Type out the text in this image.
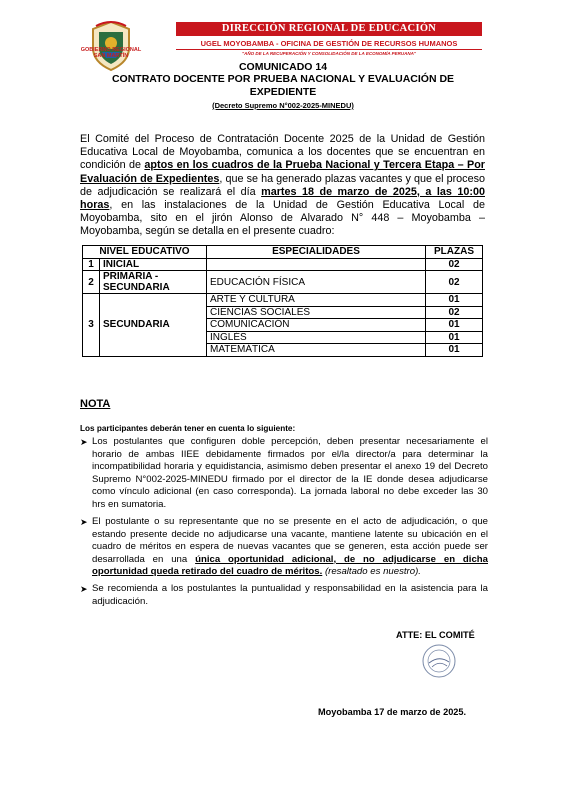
GOBIERNO REGIONAL SAN MARTÍN
DIRECCIÓN REGIONAL DE EDUCACIÓN
UGEL MOYOBAMBA - OFICINA DE GESTIÓN DE RECURSOS HUMANOS
"AÑO DE LA RECUPERACIÓN Y CONSOLIDACIÓN DE LA ECONOMÍA PERUANA"
COMUNICADO 14
CONTRATO DOCENTE POR PRUEBA NACIONAL Y EVALUACIÓN DE EXPEDIENTE
(Decreto Supremo N°002-2025-MINEDU)
El Comité del Proceso de Contratación Docente 2025 de la Unidad de Gestión Educativa Local de Moyobamba, comunica a los docentes que se encuentran en condición de aptos en los cuadros de la Prueba Nacional y Tercera Etapa – Por Evaluación de Expedientes, que se ha generado plazas vacantes y que el proceso de adjudicación se realizará el día martes 18 de marzo de 2025, a las 10:00 horas, en las instalaciones de la Unidad de Gestión Educativa Local de Moyobamba, sito en el jirón Alonso de Alvarado N° 448 – Moyobamba – Moyobamba, según se detalla en el presente cuadro:
NIVEL EDUCATIVO		ESPECIALIDADES	PLAZAS
1	INICIAL		02
2	PRIMARIA - SECUNDARIA	EDUCACIÓN FÍSICA	02
3	SECUNDARIA	ARTE Y CULTURA	01
		CIENCIAS SOCIALES	02
		COMUNICACIÓN	01
		INGLÉS	01
		MATEMÁTICA	01
NOTA
Los participantes deberán tener en cuenta lo siguiente:
➤ Los postulantes que configuren doble percepción, deben presentar necesariamente el horario de ambas IIEE debidamente firmados por el/la director/a para determinar la incompatibilidad horaria y equidistancia, asimismo deben presentar el anexo 19 del Decreto Supremo N°002-2025-MINEDU firmado por el director de la IE donde desea adjudicarse como vínculo adicional (en caso corresponda). La jornada laboral no debe exceder las 30 hrs en sumatoria.
➤ El postulante o su representante que no se presente en el acto de adjudicación, o que estando presente decide no adjudicarse una vacante, mantiene latente su ubicación en el cuadro de méritos en espera de nuevas vacantes que se generen, esta acción puede ser desarrollada en una única oportunidad adicional, de no adjudicarse en dicha oportunidad queda retirado del cuadro de méritos. (resaltado es nuestro).
➤ Se recomienda a los postulantes la puntualidad y responsabilidad en la asistencia para la adjudicación.
ATTE: EL COMITÉ
Moyobamba 17 de marzo de 2025.
